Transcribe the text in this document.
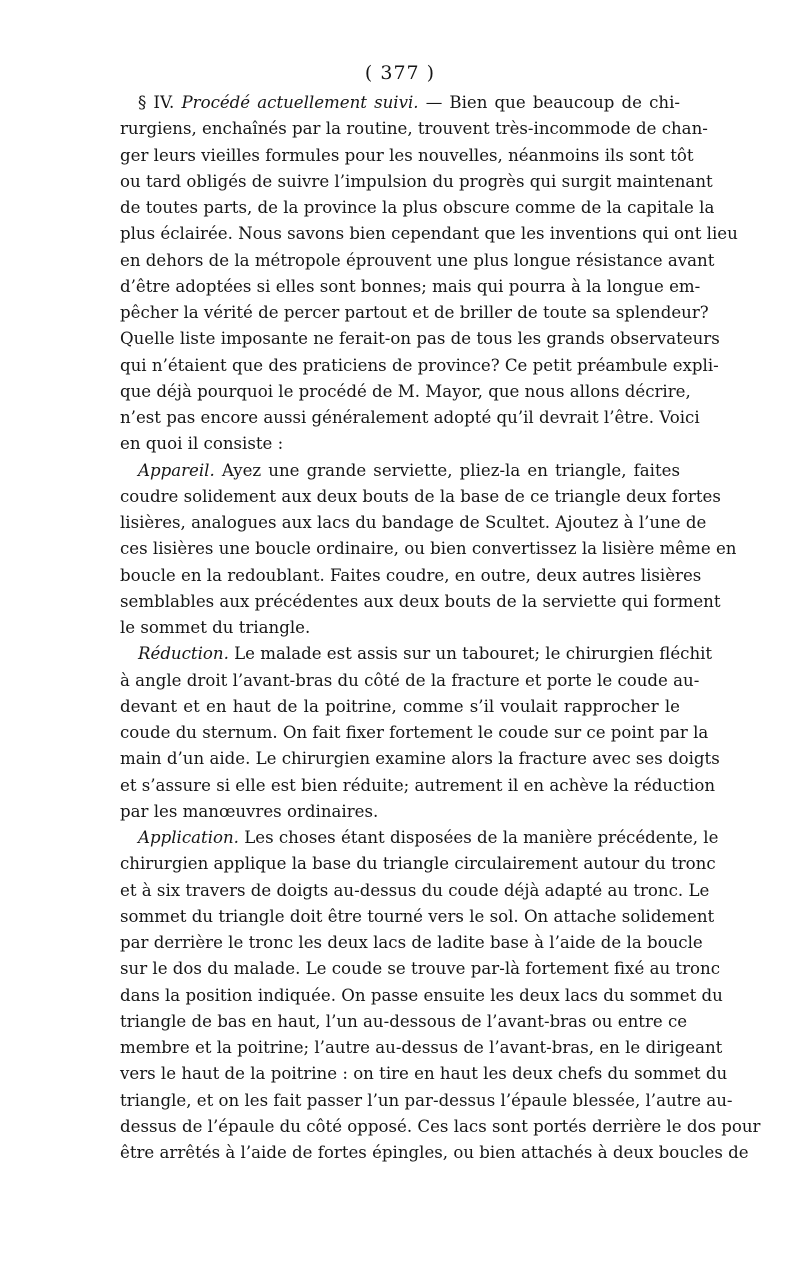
( 377 )
§ IV. Procédé actuellement suivi. — Bien que beaucoup de chi-
rurgiens, enchaînés par la routine, trouvent très-incommode de chan-
ger leurs vieilles formules pour les nouvelles, néanmoins ils sont tôt
ou tard obligés de suivre l’impulsion du progrès qui surgit maintenant
de toutes parts, de la province la plus obscure comme de la capitale la
plus éclairée. Nous savons bien cependant que les inventions qui ont lieu
en dehors de la métropole éprouvent une plus longue résistance avant
d’être adoptées si elles sont bonnes; mais qui pourra à la longue em-
pêcher la vérité de percer partout et de briller de toute sa splendeur?
Quelle liste imposante ne ferait-on pas de tous les grands observateurs
qui n’étaient que des praticiens de province? Ce petit préambule expli-
que déjà pourquoi le procédé de M. Mayor, que nous allons décrire,
n’est pas encore aussi généralement adopté qu’il devrait l’être. Voici
en quoi il consiste :
Appareil. Ayez une grande serviette, pliez-la en triangle, faites
coudre solidement aux deux bouts de la base de ce triangle deux fortes
lisières, analogues aux lacs du bandage de Scultet. Ajoutez à l’une de
ces lisières une boucle ordinaire, ou bien convertissez la lisière même en
boucle en la redoublant. Faites coudre, en outre, deux autres lisières
semblables aux précédentes aux deux bouts de la serviette qui forment
le sommet du triangle.
Réduction. Le malade est assis sur un tabouret; le chirurgien fléchit
à angle droit l’avant-bras du côté de la fracture et porte le coude au-
devant et en haut de la poitrine, comme s’il voulait rapprocher le
coude du sternum. On fait fixer fortement le coude sur ce point par la
main d’un aide. Le chirurgien examine alors la fracture avec ses doigts
et s’assure si elle est bien réduite; autrement il en achève la réduction
par les manœuvres ordinaires.
Application. Les choses étant disposées de la manière précédente, le
chirurgien applique la base du triangle circulairement autour du tronc
et à six travers de doigts au-dessus du coude déjà adapté au tronc. Le
sommet du triangle doit être tourné vers le sol. On attache solidement
par derrière le tronc les deux lacs de ladite base à l’aide de la boucle
sur le dos du malade. Le coude se trouve par-là fortement fixé au tronc
dans la position indiquée. On passe ensuite les deux lacs du sommet du
triangle de bas en haut, l’un au-dessous de l’avant-bras ou entre ce
membre et la poitrine; l’autre au-dessus de l’avant-bras, en le dirigeant
vers le haut de la poitrine : on tire en haut les deux chefs du sommet du
triangle, et on les fait passer l’un par-dessus l’épaule blessée, l’autre au-
dessus de l’épaule du côté opposé. Ces lacs sont portés derrière le dos pour
être arrêtés à l’aide de fortes épingles, ou bien attachés à deux boucles de
